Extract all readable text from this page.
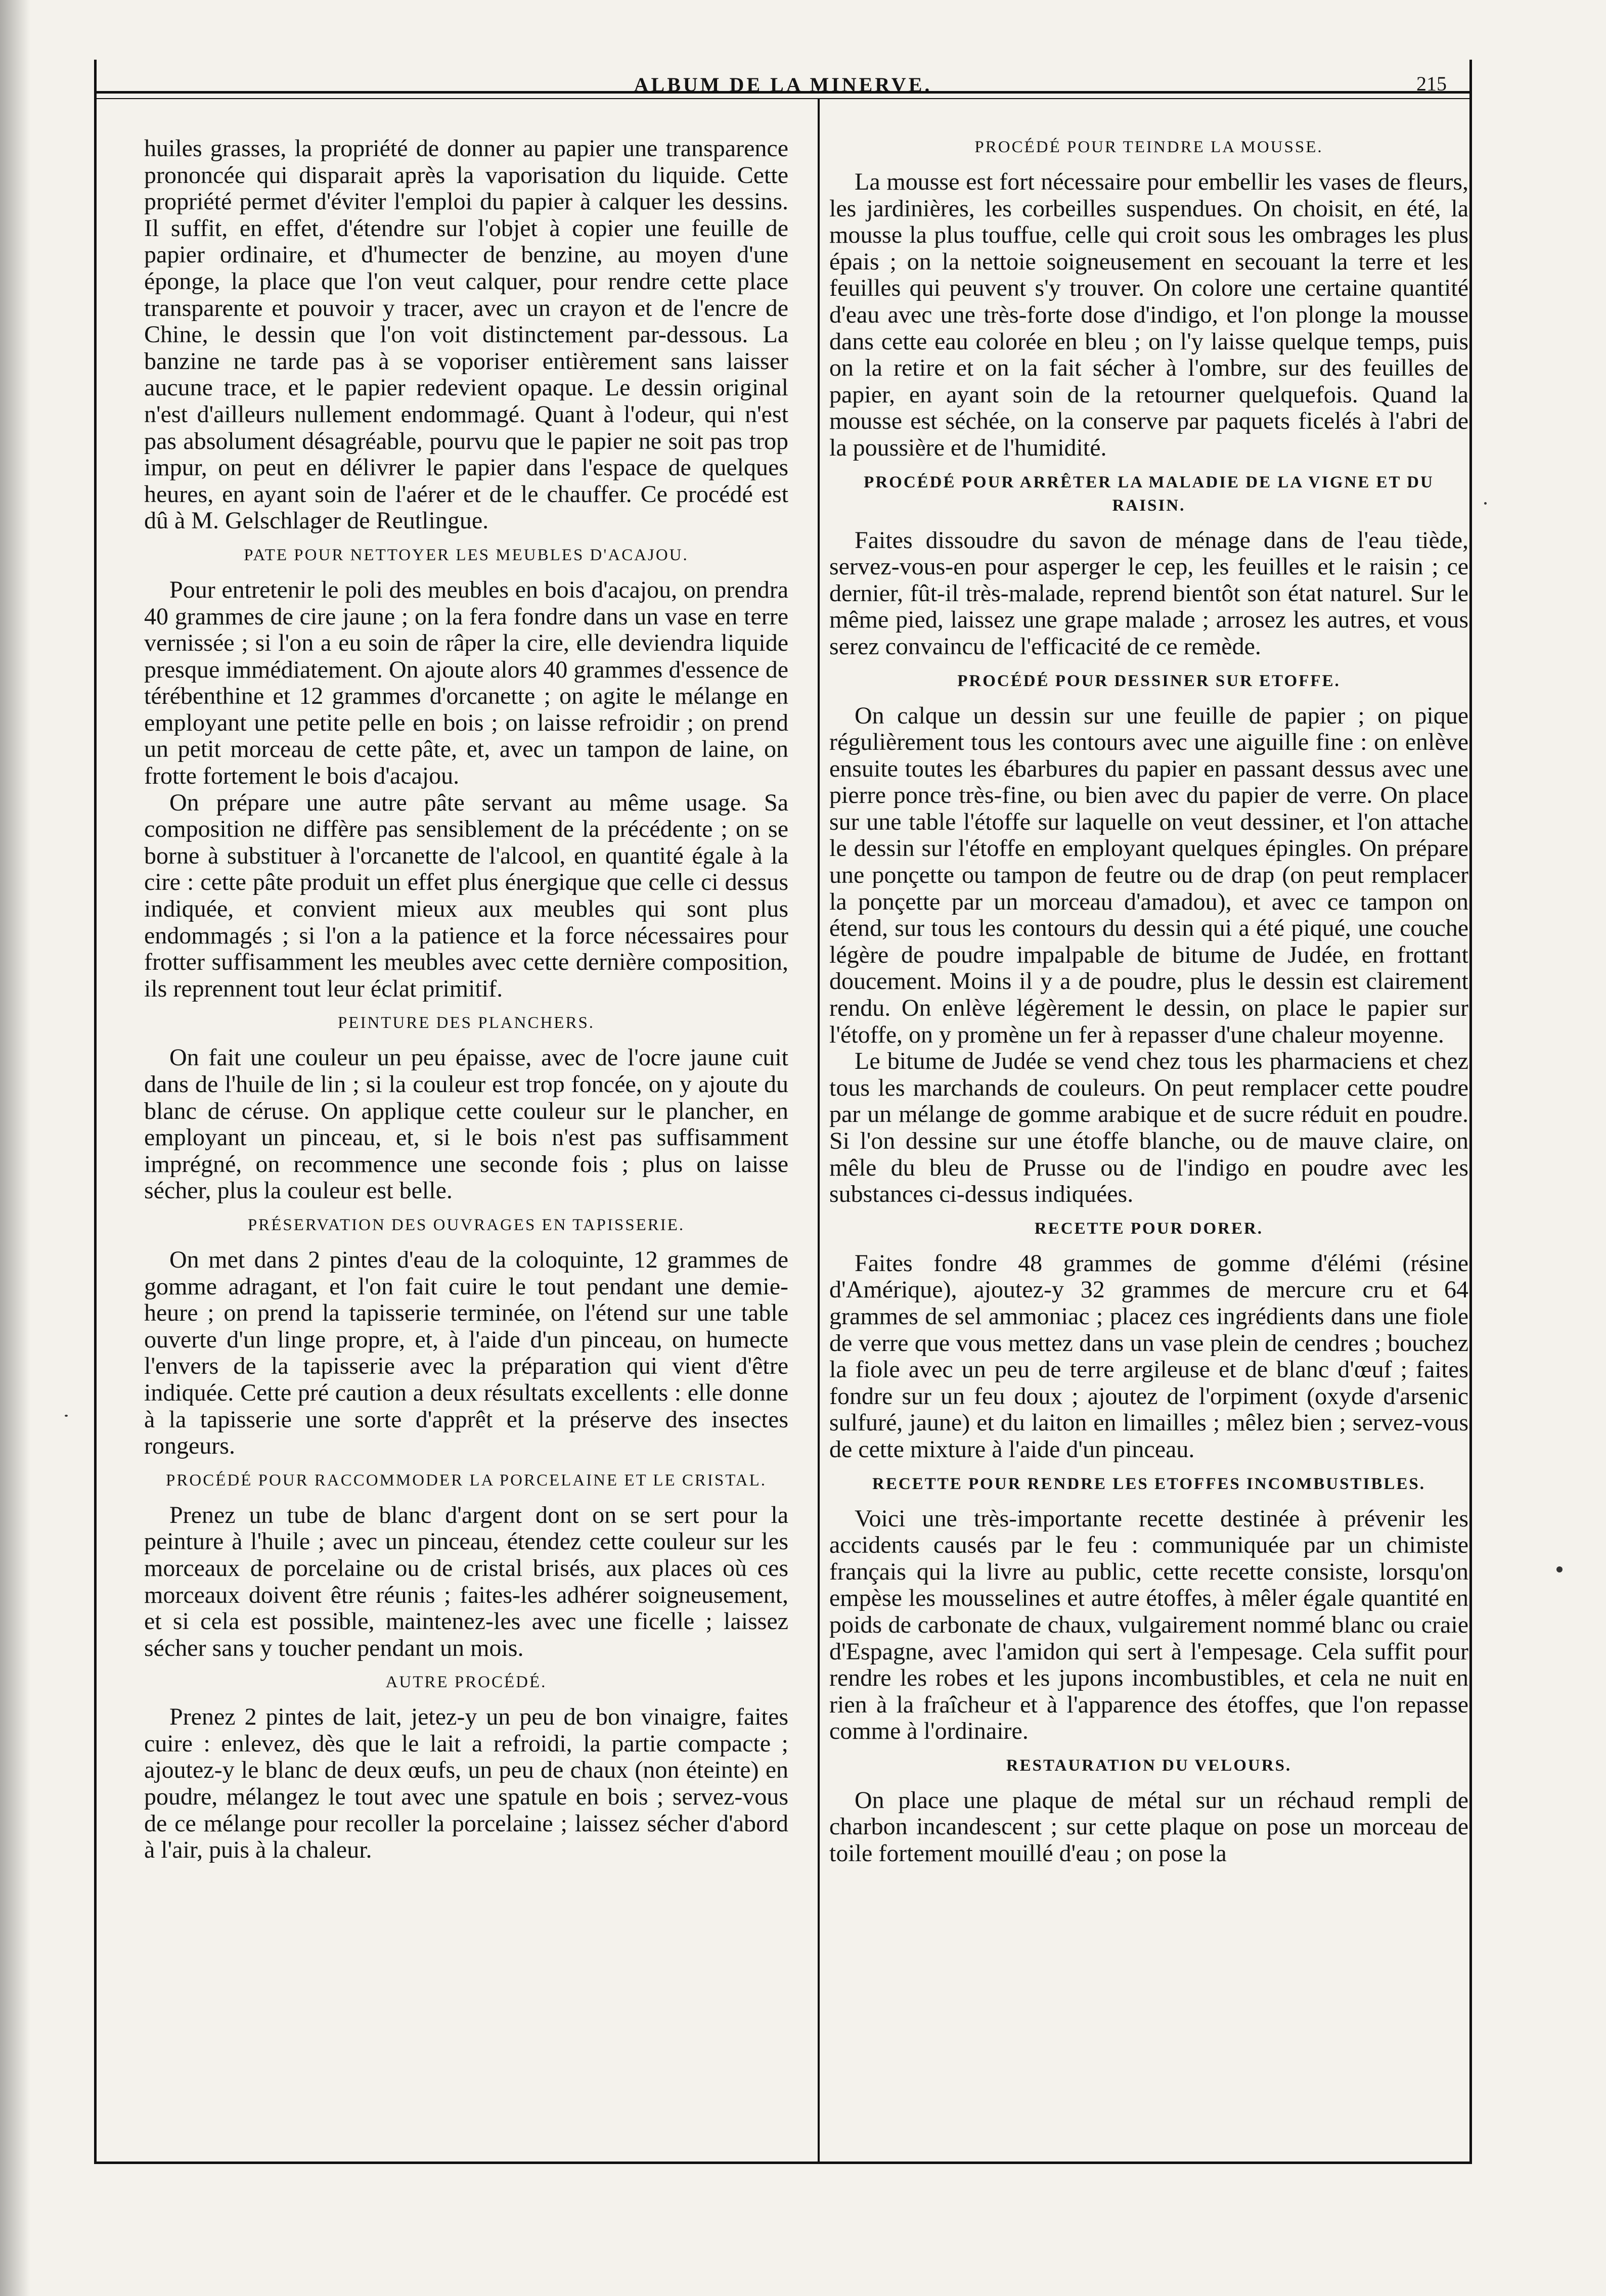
ALBUM DE LA MINERVE.	215

huiles grasses, la propriété de donner au papier une transparence prononcée qui disparait après la vaporisation du liquide. Cette propriété permet d'éviter l'emploi du papier à calquer les dessins. Il suffit, en effet, d'étendre sur l'objet à copier une feuille de papier ordinaire, et d'humecter de benzine, au moyen d'une éponge, la place que l'on veut calquer, pour rendre cette place transparente et pouvoir y tracer, avec un crayon et de l'encre de Chine, le dessin que l'on voit distinctement par-dessous. La banzine ne tarde pas à se voporiser entièrement sans laisser aucune trace, et le papier redevient opaque. Le dessin original n'est d'ailleurs nullement endommagé. Quant à l'odeur, qui n'est pas absolument désagréable, pourvu que le papier ne soit pas trop impur, on peut en délivrer le papier dans l'espace de quelques heures, en ayant soin de l'aérer et de le chauffer. Ce procédé est dû à M. Gelschlager de Reutlingue.

PATE POUR NETTOYER LES MEUBLES D'ACAJOU.

Pour entretenir le poli des meubles en bois d'acajou, on prendra 40 grammes de cire jaune ; on la fera fondre dans un vase en terre vernissée ; si l'on a eu soin de râper la cire, elle deviendra liquide presque immédiatement. On ajoute alors 40 grammes d'essence de térébenthine et 12 grammes d'orcanette ; on agite le mélange en employant une petite pelle en bois ; on laisse refroidir ; on prend un petit morceau de cette pâte, et, avec un tampon de laine, on frotte fortement le bois d'acajou.

On prépare une autre pâte servant au même usage. Sa composition ne diffère pas sensiblement de la précédente ; on se borne à substituer à l'orcanette de l'alcool, en quantité égale à la cire : cette pâte produit un effet plus énergique que celle ci dessus indiquée, et convient mieux aux meubles qui sont plus endommagés ; si l'on a la patience et la force nécessaires pour frotter suffisamment les meubles avec cette dernière composition, ils reprennent tout leur éclat primitif.

PEINTURE DES PLANCHERS.

On fait une couleur un peu épaisse, avec de l'ocre jaune cuit dans de l'huile de lin ; si la couleur est trop foncée, on y ajoute du blanc de céruse. On applique cette couleur sur le plancher, en employant un pinceau, et, si le bois n'est pas suffisamment imprégné, on recommence une seconde fois ; plus on laisse sécher, plus la couleur est belle.

PRÉSERVATION DES OUVRAGES EN TAPISSERIE.

On met dans 2 pintes d'eau de la coloquinte, 12 grammes de gomme adragant, et l'on fait cuire le tout pendant une demie-heure ; on prend la tapisserie terminée, on l'étend sur une table ouverte d'un linge propre, et, à l'aide d'un pinceau, on humecte l'envers de la tapisserie avec la préparation qui vient d'être indiquée. Cette pré caution a deux résultats excellents : elle donne à la tapisserie une sorte d'apprêt et la préserve des insectes rongeurs.

PROCÉDÉ POUR RACCOMMODER LA PORCELAINE ET LE CRISTAL.

Prenez un tube de blanc d'argent dont on se sert pour la peinture à l'huile ; avec un pinceau, étendez cette couleur sur les morceaux de porcelaine ou de cristal brisés, aux places où ces morceaux doivent être réunis ; faites-les adhérer soigneusement, et si cela est possible, maintenez-les avec une ficelle ; laissez sécher sans y toucher pendant un mois.

AUTRE PROCÉDÉ.

Prenez 2 pintes de lait, jetez-y un peu de bon vinaigre, faites cuire : enlevez, dès que le lait a refroidi, la partie compacte ; ajoutez-y le blanc de deux œufs, un peu de chaux (non éteinte) en poudre, mélangez le tout avec une spatule en bois ; servez-vous de ce mélange pour recoller la porcelaine ; laissez sécher d'abord à l'air, puis à la chaleur.

PROCÉDÉ POUR TEINDRE LA MOUSSE.

La mousse est fort nécessaire pour embellir les vases de fleurs, les jardinières, les corbeilles suspendues. On choisit, en été, la mousse la plus touffue, celle qui croit sous les ombrages les plus épais ; on la nettoie soigneusement en secouant la terre et les feuilles qui peuvent s'y trouver. On colore une certaine quantité d'eau avec une très-forte dose d'indigo, et l'on plonge la mousse dans cette eau colorée en bleu ; on l'y laisse quelque temps, puis on la retire et on la fait sécher à l'ombre, sur des feuilles de papier, en ayant soin de la retourner quelquefois. Quand la mousse est séchée, on la conserve par paquets ficelés à l'abri de la poussière et de l'humidité.

PROCÉDÉ POUR ARRÊTER LA MALADIE DE LA VIGNE ET DU RAISIN.

Faites dissoudre du savon de ménage dans de l'eau tiède, servez-vous-en pour asperger le cep, les feuilles et le raisin ; ce dernier, fût-il très-malade, reprend bientôt son état naturel. Sur le même pied, laissez une grape malade ; arrosez les autres, et vous serez convaincu de l'efficacité de ce remède.

PROCÉDÉ POUR DESSINER SUR ETOFFE.

On calque un dessin sur une feuille de papier ; on pique régulièrement tous les contours avec une aiguille fine : on enlève ensuite toutes les ébarbures du papier en passant dessus avec une pierre ponce très-fine, ou bien avec du papier de verre. On place sur une table l'étoffe sur laquelle on veut dessiner, et l'on attache le dessin sur l'étoffe en employant quelques épingles. On prépare une ponçette ou tampon de feutre ou de drap (on peut remplacer la ponçette par un morceau d'amadou), et avec ce tampon on étend, sur tous les contours du dessin qui a été piqué, une couche légère de poudre impalpable de bitume de Judée, en frottant doucement. Moins il y a de poudre, plus le dessin est clairement rendu. On enlève légèrement le dessin, on place le papier sur l'étoffe, on y promène un fer à repasser d'une chaleur moyenne.

Le bitume de Judée se vend chez tous les pharmaciens et chez tous les marchands de couleurs. On peut remplacer cette poudre par un mélange de gomme arabique et de sucre réduit en poudre. Si l'on dessine sur une étoffe blanche, ou de mauve claire, on mêle du bleu de Prusse ou de l'indigo en poudre avec les substances ci-dessus indiquées.

RECETTE POUR DORER.

Faites fondre 48 grammes de gomme d'élémi (résine d'Amérique), ajoutez-y 32 grammes de mercure cru et 64 grammes de sel ammoniac ; placez ces ingrédients dans une fiole de verre que vous mettez dans un vase plein de cendres ; bouchez la fiole avec un peu de terre argileuse et de blanc d'œuf ; faites fondre sur un feu doux ; ajoutez de l'orpiment (oxyde d'arsenic sulfuré, jaune) et du laiton en limailles ; mêlez bien ; servez-vous de cette mixture à l'aide d'un pinceau.

RECETTE POUR RENDRE LES ETOFFES INCOMBUSTIBLES.

Voici une très-importante recette destinée à prévenir les accidents causés par le feu : communiquée par un chimiste français qui la livre au public, cette recette consiste, lorsqu'on empèse les mousselines et autre étoffes, à mêler égale quantité en poids de carbonate de chaux, vulgairement nommé blanc ou craie d'Espagne, avec l'amidon qui sert à l'empesage. Cela suffit pour rendre les robes et les jupons incombustibles, et cela ne nuit en rien à la fraîcheur et à l'apparence des étoffes, que l'on repasse comme à l'ordinaire.

RESTAURATION DU VELOURS.

On place une plaque de métal sur un réchaud rempli de charbon incandescent ; sur cette plaque on pose un morceau de toile fortement mouillé d'eau ; on pose la
